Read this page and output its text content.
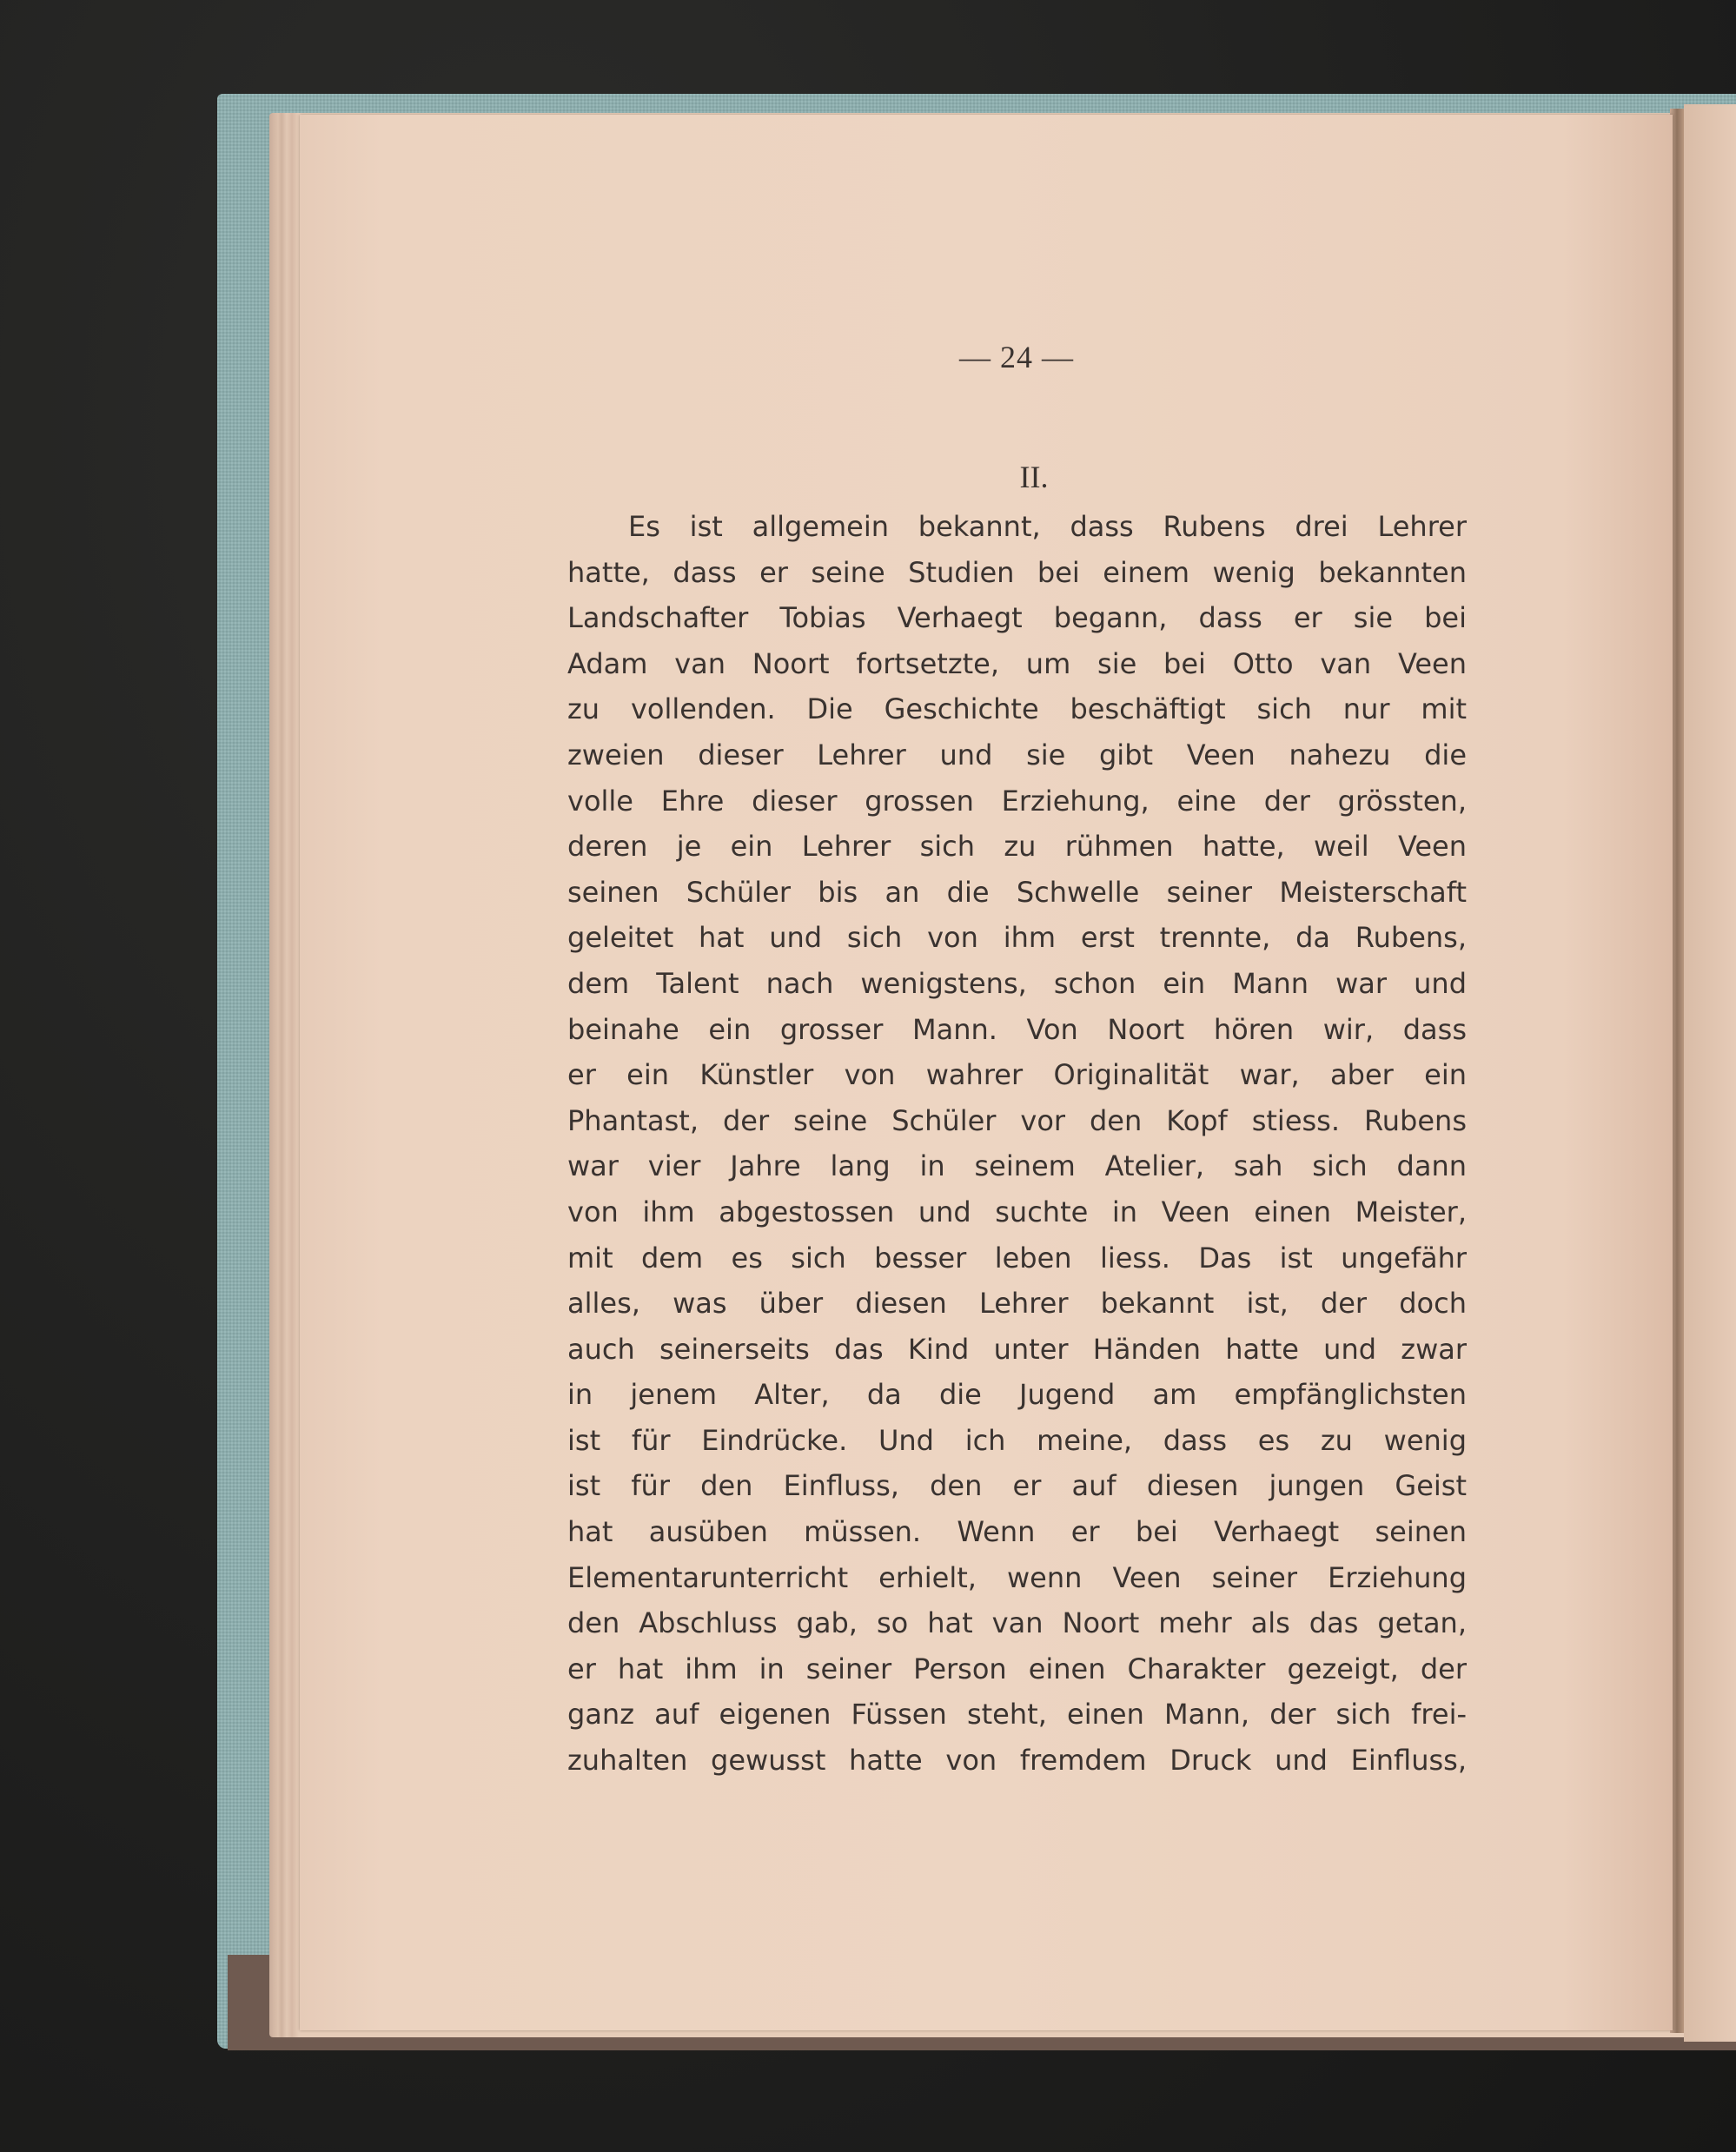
— 24 —
II.
Es ist allgemein bekannt, dass Rubens drei Lehrer
hatte, dass er seine Studien bei einem wenig bekannten
Landschafter Tobias Verhaegt begann, dass er sie bei
Adam van Noort fortsetzte, um sie bei Otto van Veen
zu vollenden. Die Geschichte beschäftigt sich nur mit
zweien dieser Lehrer und sie gibt Veen nahezu die
volle Ehre dieser grossen Erziehung, eine der grössten,
deren je ein Lehrer sich zu rühmen hatte, weil Veen
seinen Schüler bis an die Schwelle seiner Meisterschaft
geleitet hat und sich von ihm erst trennte, da Rubens,
dem Talent nach wenigstens, schon ein Mann war und
beinahe ein grosser Mann. Von Noort hören wir, dass
er ein Künstler von wahrer Originalität war, aber ein
Phantast, der seine Schüler vor den Kopf stiess. Rubens
war vier Jahre lang in seinem Atelier, sah sich dann
von ihm abgestossen und suchte in Veen einen Meister,
mit dem es sich besser leben liess. Das ist ungefähr
alles, was über diesen Lehrer bekannt ist, der doch
auch seinerseits das Kind unter Händen hatte und zwar
in jenem Alter, da die Jugend am empfänglichsten
ist für Eindrücke. Und ich meine, dass es zu wenig
ist für den Einfluss, den er auf diesen jungen Geist
hat ausüben müssen. Wenn er bei Verhaegt seinen
Elementarunterricht erhielt, wenn Veen seiner Erziehung
den Abschluss gab, so hat van Noort mehr als das getan,
er hat ihm in seiner Person einen Charakter gezeigt, der
ganz auf eigenen Füssen steht, einen Mann, der sich frei-
zuhalten gewusst hatte von fremdem Druck und Einfluss,
